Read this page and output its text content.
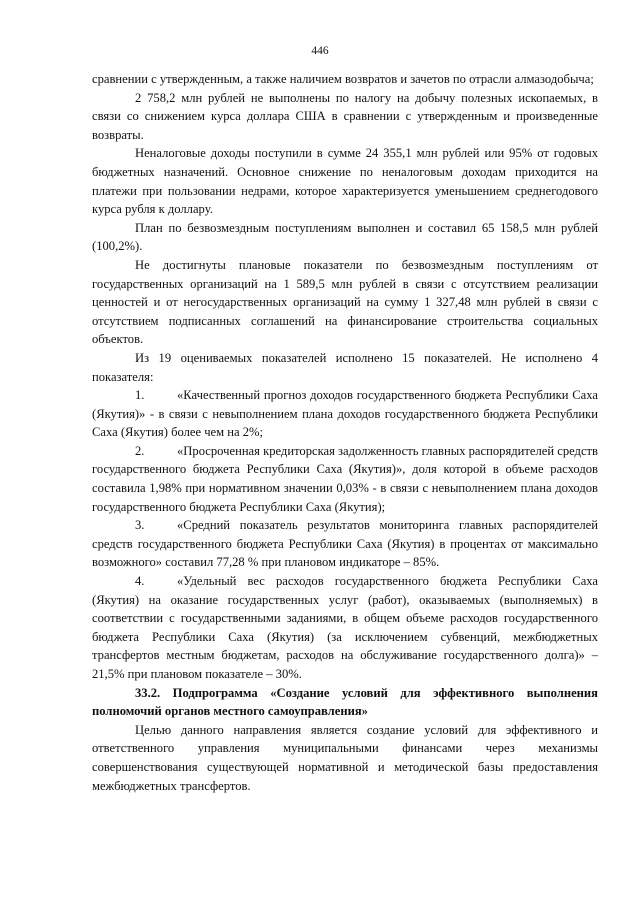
446

сравнении с утвержденным, а также наличием возвратов и зачетов по отрасли алмазодобыча;

2 758,2 млн рублей не выполнены по налогу на добычу полезных ископаемых, в связи со снижением курса доллара США в сравнении с утвержденным и произведенные возвраты.

Неналоговые доходы поступили в сумме 24 355,1 млн рублей или 95% от годовых бюджетных назначений. Основное снижение по неналоговым доходам приходится на платежи при пользовании недрами, которое характеризуется уменьшением среднегодового курса рубля к доллару.

План по безвозмездным поступлениям выполнен и составил 65 158,5 млн рублей (100,2%).

Не достигнуты плановые показатели по безвозмездным поступлениям от государственных организаций на 1 589,5 млн рублей в связи с отсутствием реализации ценностей и от негосударственных организаций на сумму 1 327,48 млн рублей в связи с отсутствием подписанных соглашений на финансирование строительства социальных объектов.

Из 19 оцениваемых показателей исполнено 15 показателей. Не исполнено 4 показателя:

1.	«Качественный прогноз доходов государственного бюджета Республики Саха (Якутия)» - в связи с невыполнением плана доходов государственного бюджета Республики Саха (Якутия) более чем на 2%;

2.	«Просроченная кредиторская задолженность главных распорядителей средств государственного бюджета Республики Саха (Якутия)», доля которой в объеме расходов составила 1,98% при нормативном значении 0,03% - в связи с невыполнением плана доходов государственного бюджета Республики Саха (Якутия);

3.	«Средний показатель результатов мониторинга главных распорядителей средств государственного бюджета Республики Саха (Якутия) в процентах от максимально возможного» составил 77,28 % при плановом индикаторе – 85%.

4.	«Удельный вес расходов государственного бюджета Республики Саха (Якутия) на оказание государственных услуг (работ), оказываемых (выполняемых) в соответствии с государственными заданиями, в общем объеме расходов государственного бюджета Республики Саха (Якутия) (за исключением субвенций, межбюджетных трансфертов местным бюджетам, расходов на обслуживание государственного долга)» – 21,5% при плановом показателе – 30%.

33.2. Подпрограмма «Создание условий для эффективного выполнения полномочий органов местного самоуправления»

Целью данного направления является создание условий для эффективного и ответственного управления муниципальными финансами через механизмы совершенствования существующей нормативной и методической базы предоставления межбюджетных трансфертов.
